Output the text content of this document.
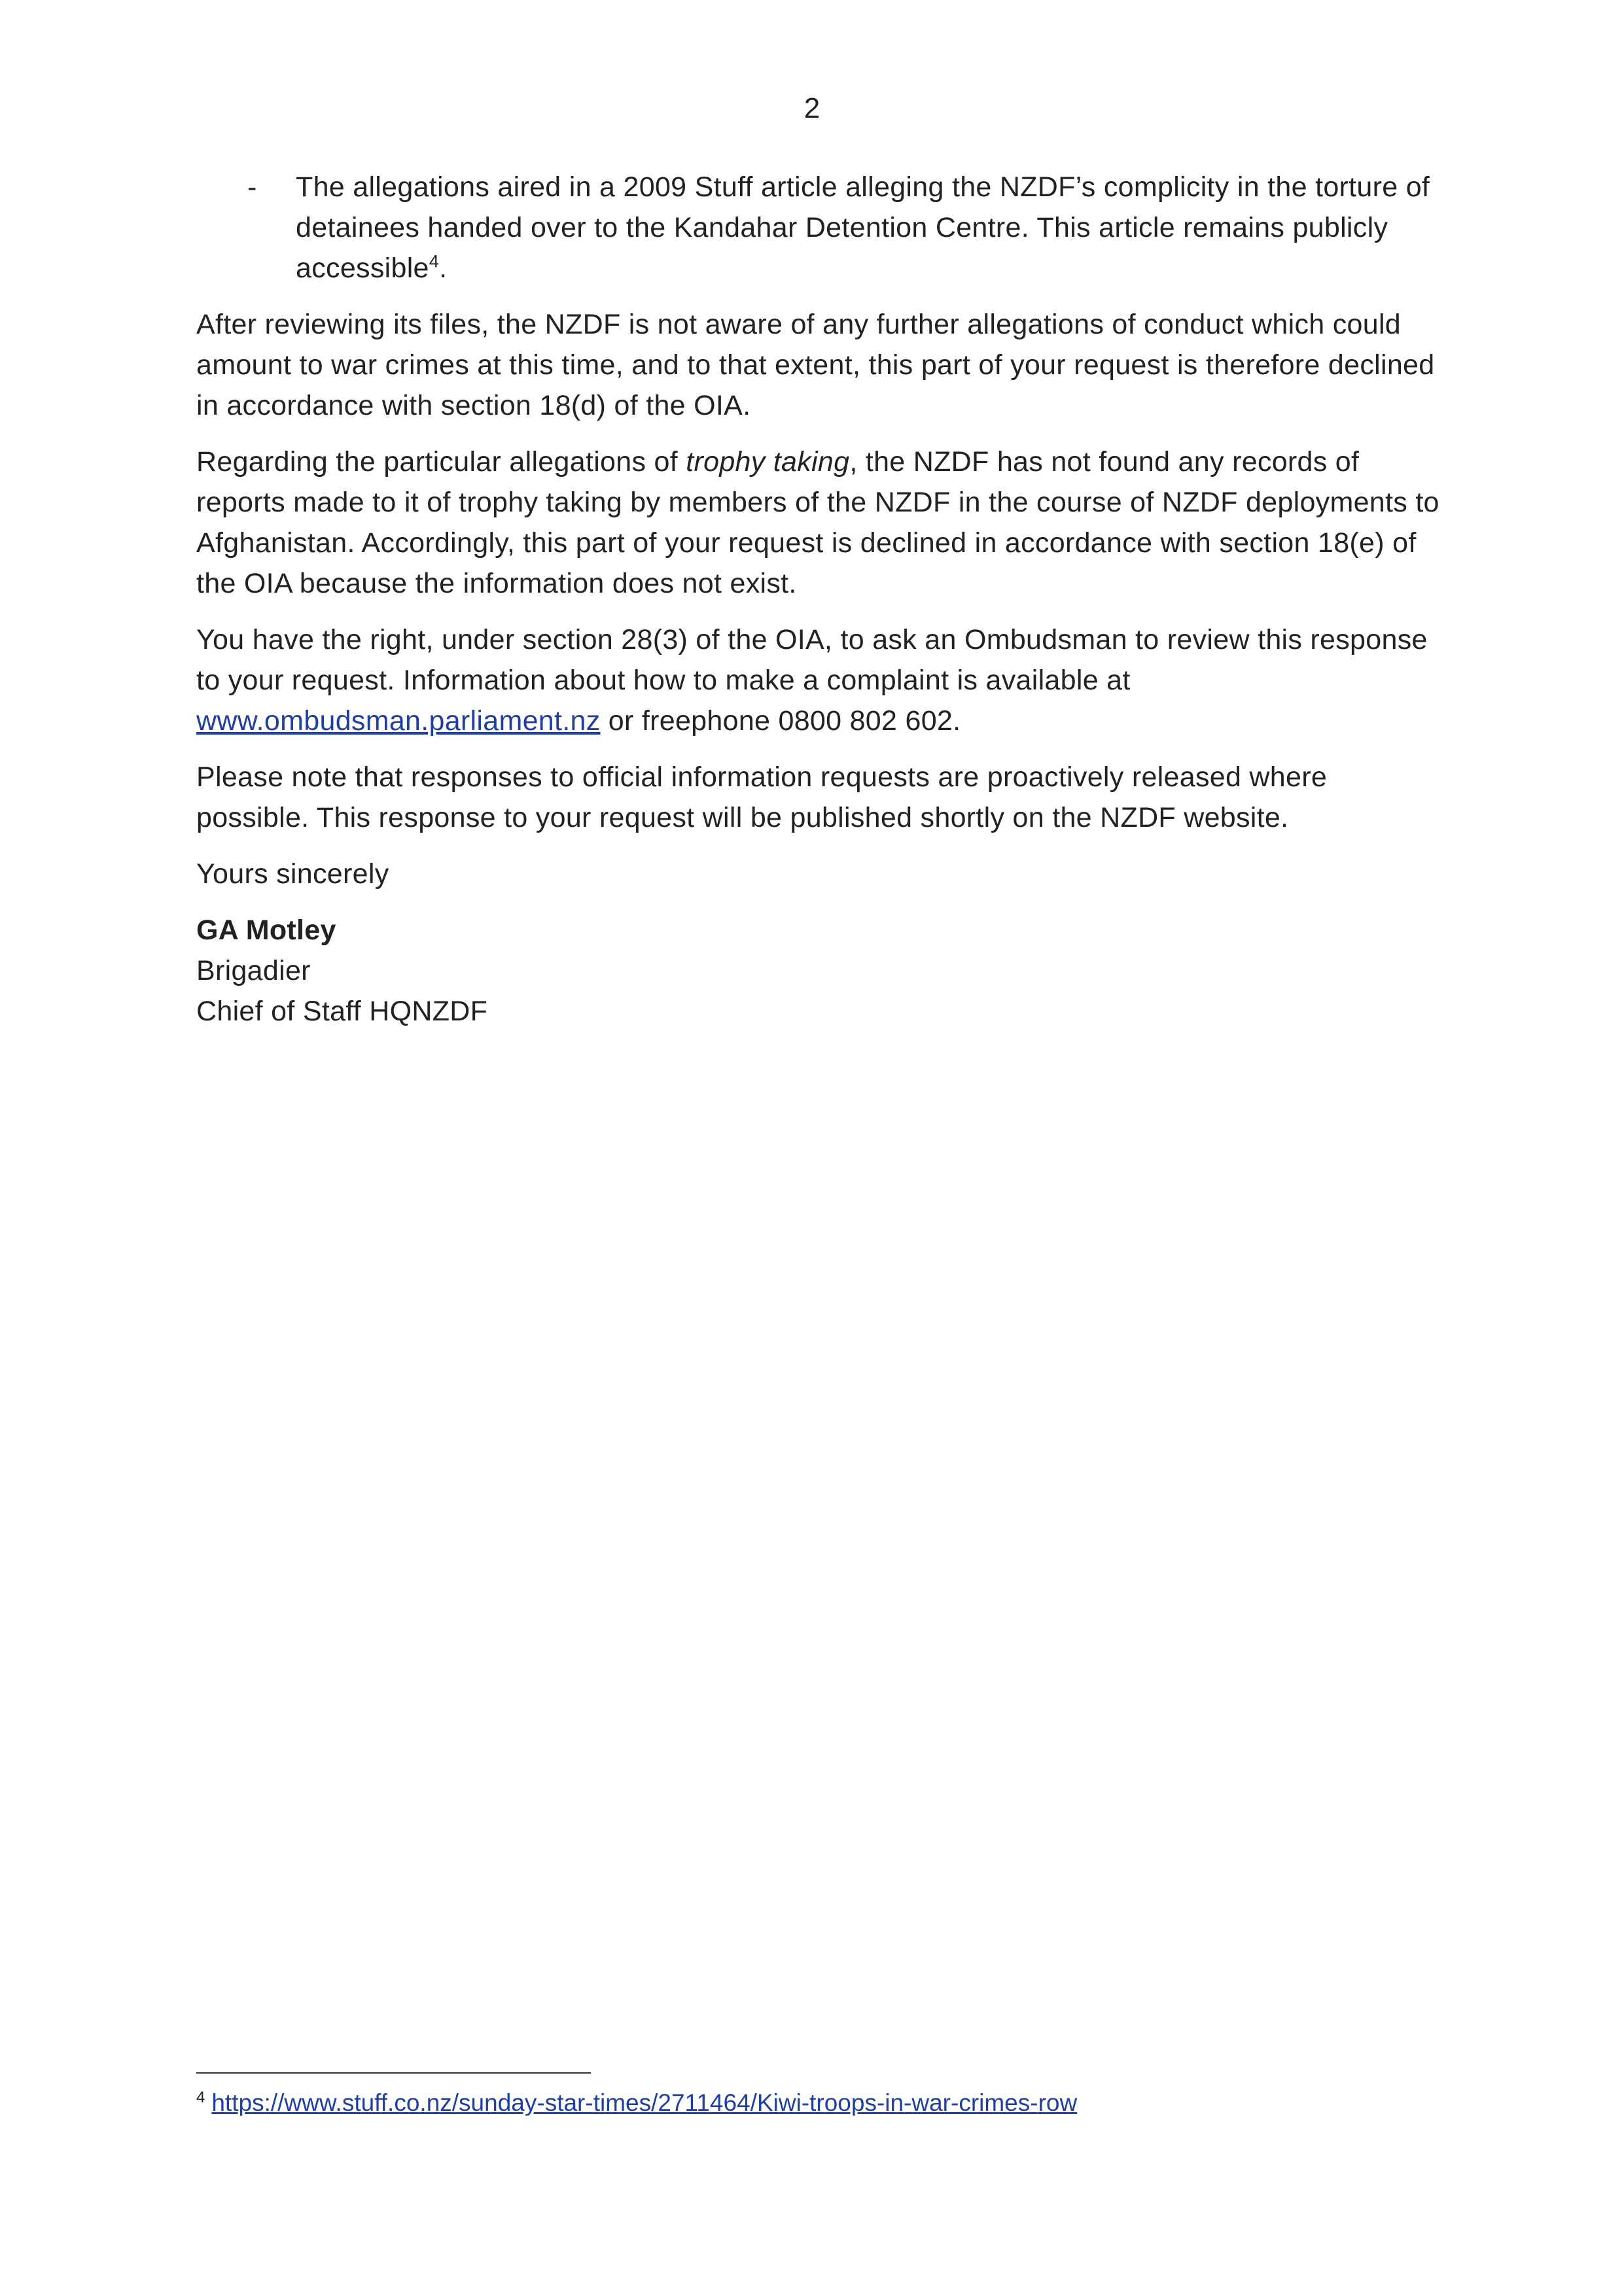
2
- The allegations aired in a 2009 Stuff article alleging the NZDF’s complicity in the torture of detainees handed over to the Kandahar Detention Centre. This article remains publicly accessible$^4$.

After reviewing its files, the NZDF is not aware of any further allegations of conduct which could amount to war crimes at this time, and to that extent, this part of your request is therefore declined in accordance with section 18(d) of the OIA.

Regarding the particular allegations of trophy taking, the NZDF has not found any records of reports made to it of trophy taking by members of the NZDF in the course of NZDF deployments to Afghanistan. Accordingly, this part of your request is declined in accordance with section 18(e) of the OIA because the information does not exist.

You have the right, under section 28(3) of the OIA, to ask an Ombudsman to review this response to your request. Information about how to make a complaint is available at www.ombudsman.parliament.nz or freephone 0800 802 602.

Please note that responses to official information requests are proactively released where possible. This response to your request will be published shortly on the NZDF website.

Yours sincerely

GA Motley
Brigadier
Chief of Staff HQNZDF
$^4$ https://www.stuff.co.nz/sunday-star-times/2711464/Kiwi-troops-in-war-crimes-row
